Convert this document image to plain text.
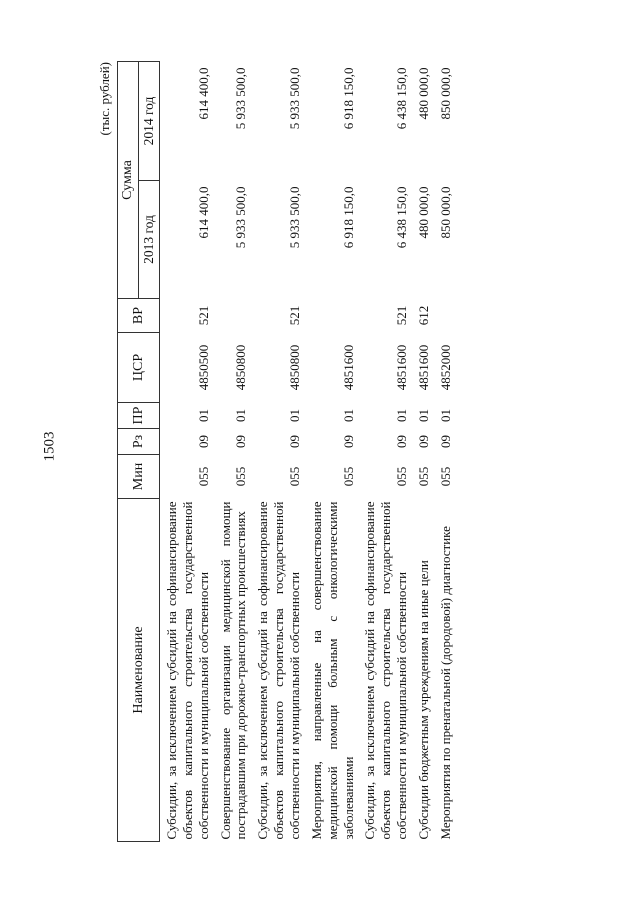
1503
(тыс. рублей)
Наименование	Мин	Рз	ПР	ЦСР	ВР	Сумма	
						2013 год	2014 год
Субсидии, за исключением субсидий на софинансирование объектов капитального строительства государственной собственности и муниципальной собственности	055	09	01	4850500	521	614 400,0	614 400,0
Совершенствование организации медицинской помощи пострадавшим при дорожно-транспортных происшествиях	055	09	01	4850800		5 933 500,0	5 933 500,0
Субсидии, за исключением субсидий на софинансирование объектов капитального строительства государственной собственности и муниципальной собственности	055	09	01	4850800	521	5 933 500,0	5 933 500,0
Мероприятия, направленные на совершенствование медицинской помощи больным с онкологическими заболеваниями	055	09	01	4851600		6 918 150,0	6 918 150,0
Субсидии, за исключением субсидий на софинансирование объектов капитального строительства государственной собственности и муниципальной собственности	055	09	01	4851600	521	6 438 150,0	6 438 150,0
Субсидии бюджетным учреждениям на иные цели	055	09	01	4851600	612	480 000,0	480 000,0
Мероприятия по пренатальной (дородовой) диагностике	055	09	01	4852000		850 000,0	850 000,0
